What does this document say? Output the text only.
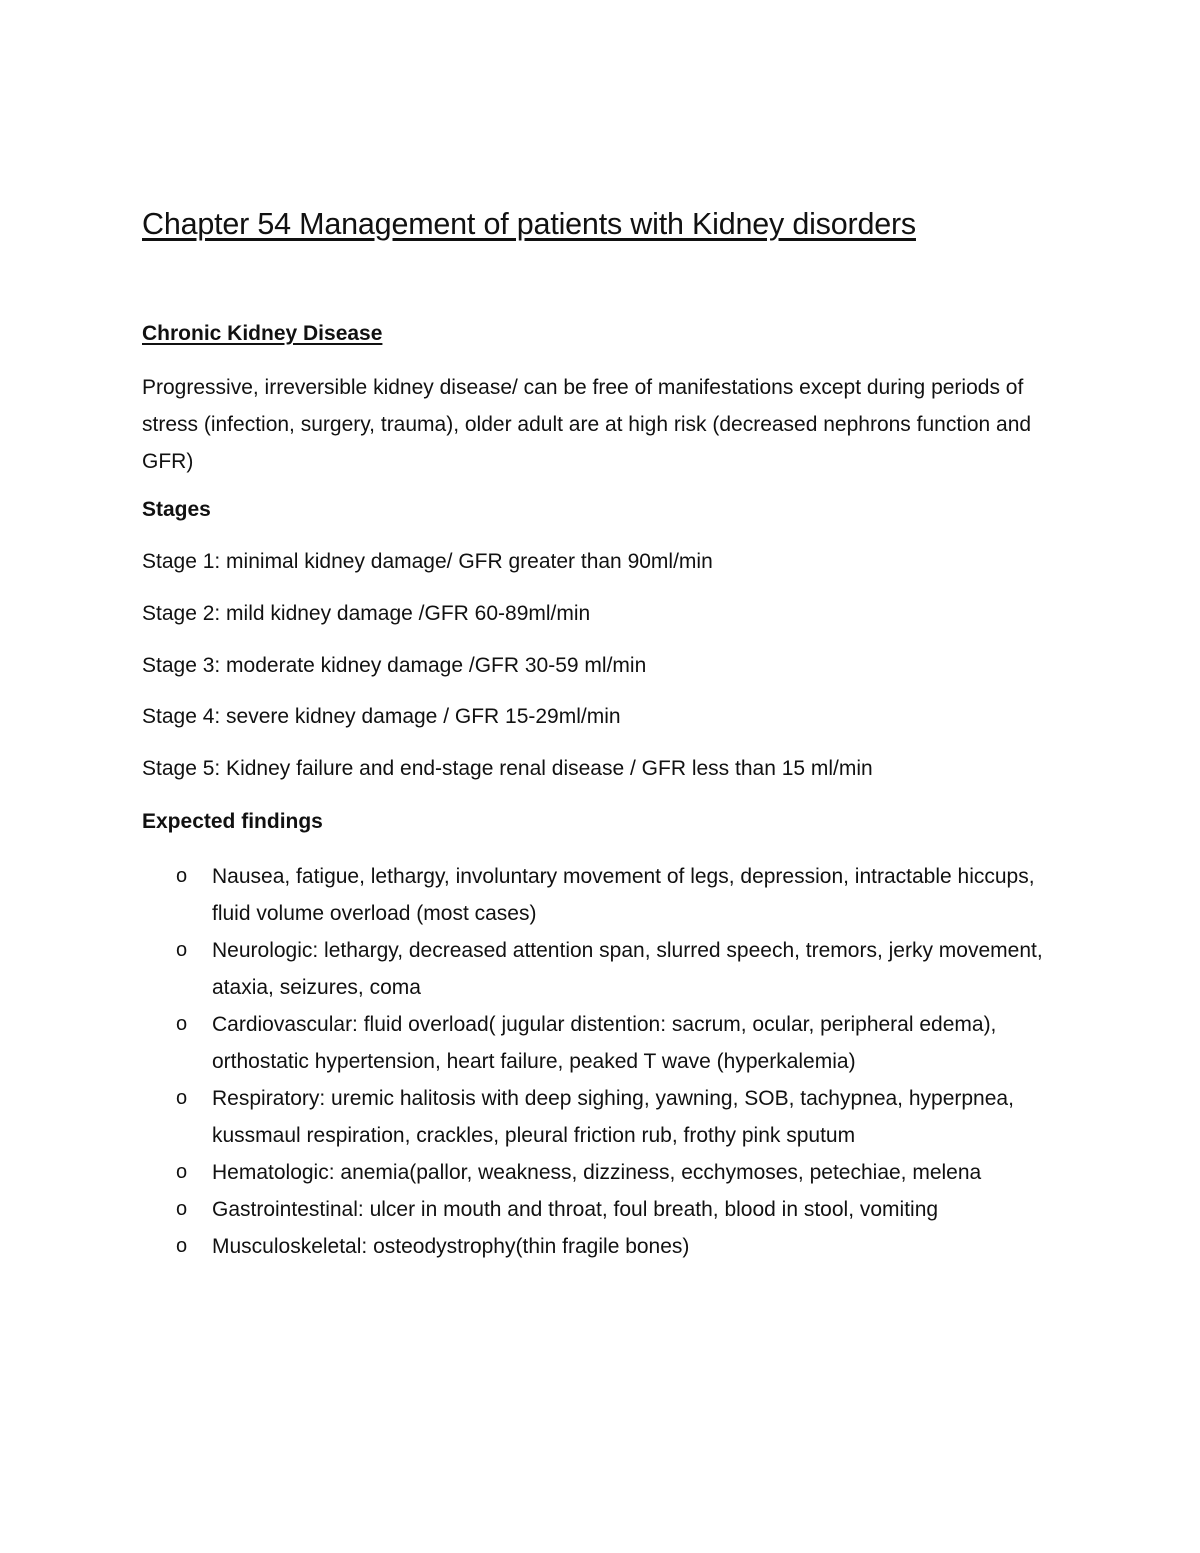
Chapter 54 Management of patients with Kidney disorders
Chronic Kidney Disease
Progressive, irreversible kidney disease/ can be free of manifestations except during periods of stress (infection, surgery, trauma), older adult are at high risk (decreased nephrons function and GFR)
Stages
Stage 1: minimal kidney damage/ GFR greater than 90ml/min
Stage 2: mild kidney damage /GFR 60-89ml/min
Stage 3: moderate kidney damage /GFR 30-59 ml/min
Stage 4: severe kidney damage / GFR 15-29ml/min
Stage 5: Kidney failure and end-stage renal disease / GFR less than 15 ml/min
Expected findings
o Nausea, fatigue, lethargy, involuntary movement of legs, depression, intractable hiccups, fluid volume overload (most cases)
o Neurologic: lethargy, decreased attention span, slurred speech, tremors, jerky movement, ataxia, seizures, coma
o Cardiovascular: fluid overload( jugular distention: sacrum, ocular, peripheral edema), orthostatic hypertension, heart failure, peaked T wave (hyperkalemia)
o Respiratory: uremic halitosis with deep sighing, yawning, SOB, tachypnea, hyperpnea, kussmaul respiration, crackles, pleural friction rub, frothy pink sputum
o Hematologic: anemia(pallor, weakness, dizziness, ecchymoses, petechiae, melena
o Gastrointestinal: ulcer in mouth and throat, foul breath, blood in stool, vomiting
o Musculoskeletal: osteodystrophy(thin fragile bones)
